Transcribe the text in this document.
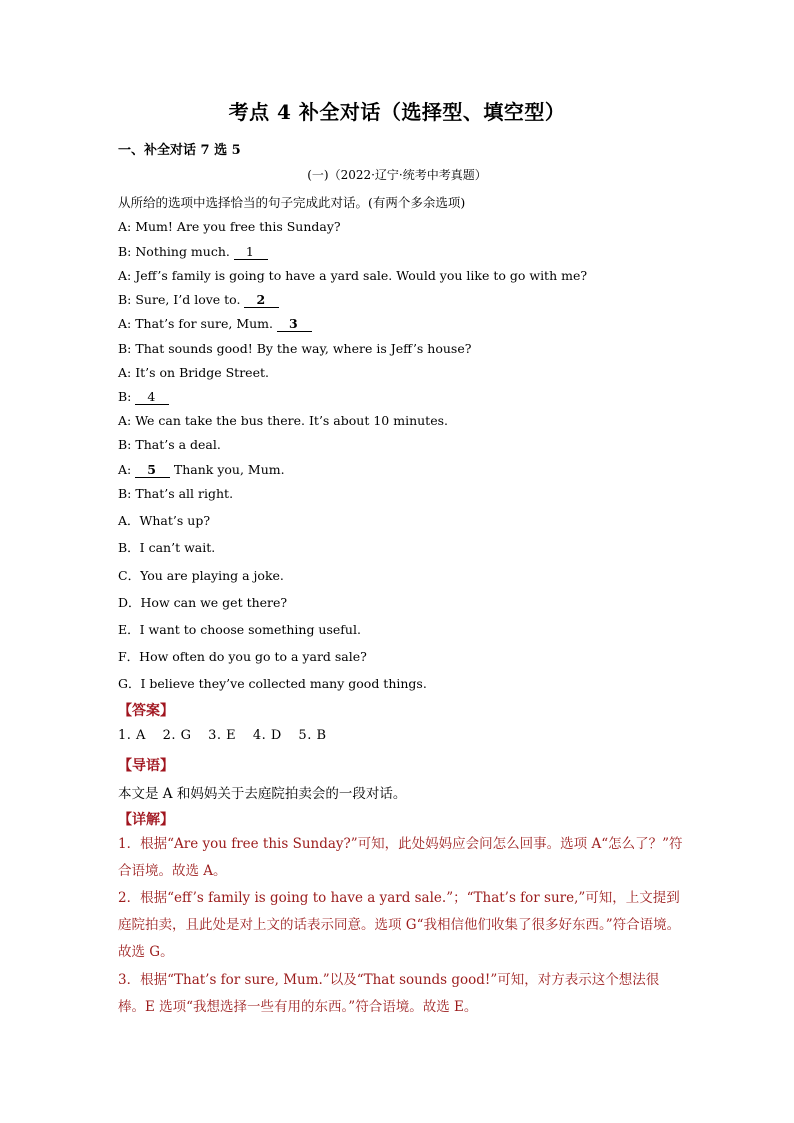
考点 4 补全对话（选择型、填空型）
一、补全对话 7 选 5
(一)（2022·辽宁·统考中考真题）
从所给的选项中选择恰当的句子完成此对话。(有两个多余选项)
A: Mum! Are you free this Sunday?
B: Nothing much. 1
A: Jeff’s family is going to have a yard sale. Would you like to go with me?
B: Sure, I’d love to. 2
A: That’s for sure, Mum. 3
B: That sounds good! By the way, where is Jeff’s house?
A: It’s on Bridge Street.
B: 4
A: We can take the bus there. It’s about 10 minutes.
B: That’s a deal.
A: 5 Thank you, Mum.
B: That’s all right.
A．What’s up?
B．I can’t wait.
C．You are playing a joke.
D．How can we get there?
E．I want to choose something useful.
F．How often do you go to a yard sale?
G．I believe they’ve collected many good things.
【答案】
1. A 2. G 3. E 4. D 5. B
【导语】
本文是 A 和妈妈关于去庭院拍卖会的一段对话。
【详解】
1．根据“Are you free this Sunday?”可知，此处妈妈应会问怎么回事。选项 A“怎么了？”符合语境。故选 A。
2．根据“eff’s family is going to have a yard sale.”；“That’s for sure,”可知，上文提到庭院拍卖，且此处是对上文的话表示同意。选项 G“我相信他们收集了很多好东西。”符合语境。故选 G。
3．根据“That’s for sure, Mum.”以及“That sounds good!”可知，对方表示这个想法很棒。E 选项“我想选择一些有用的东西。”符合语境。故选 E。
